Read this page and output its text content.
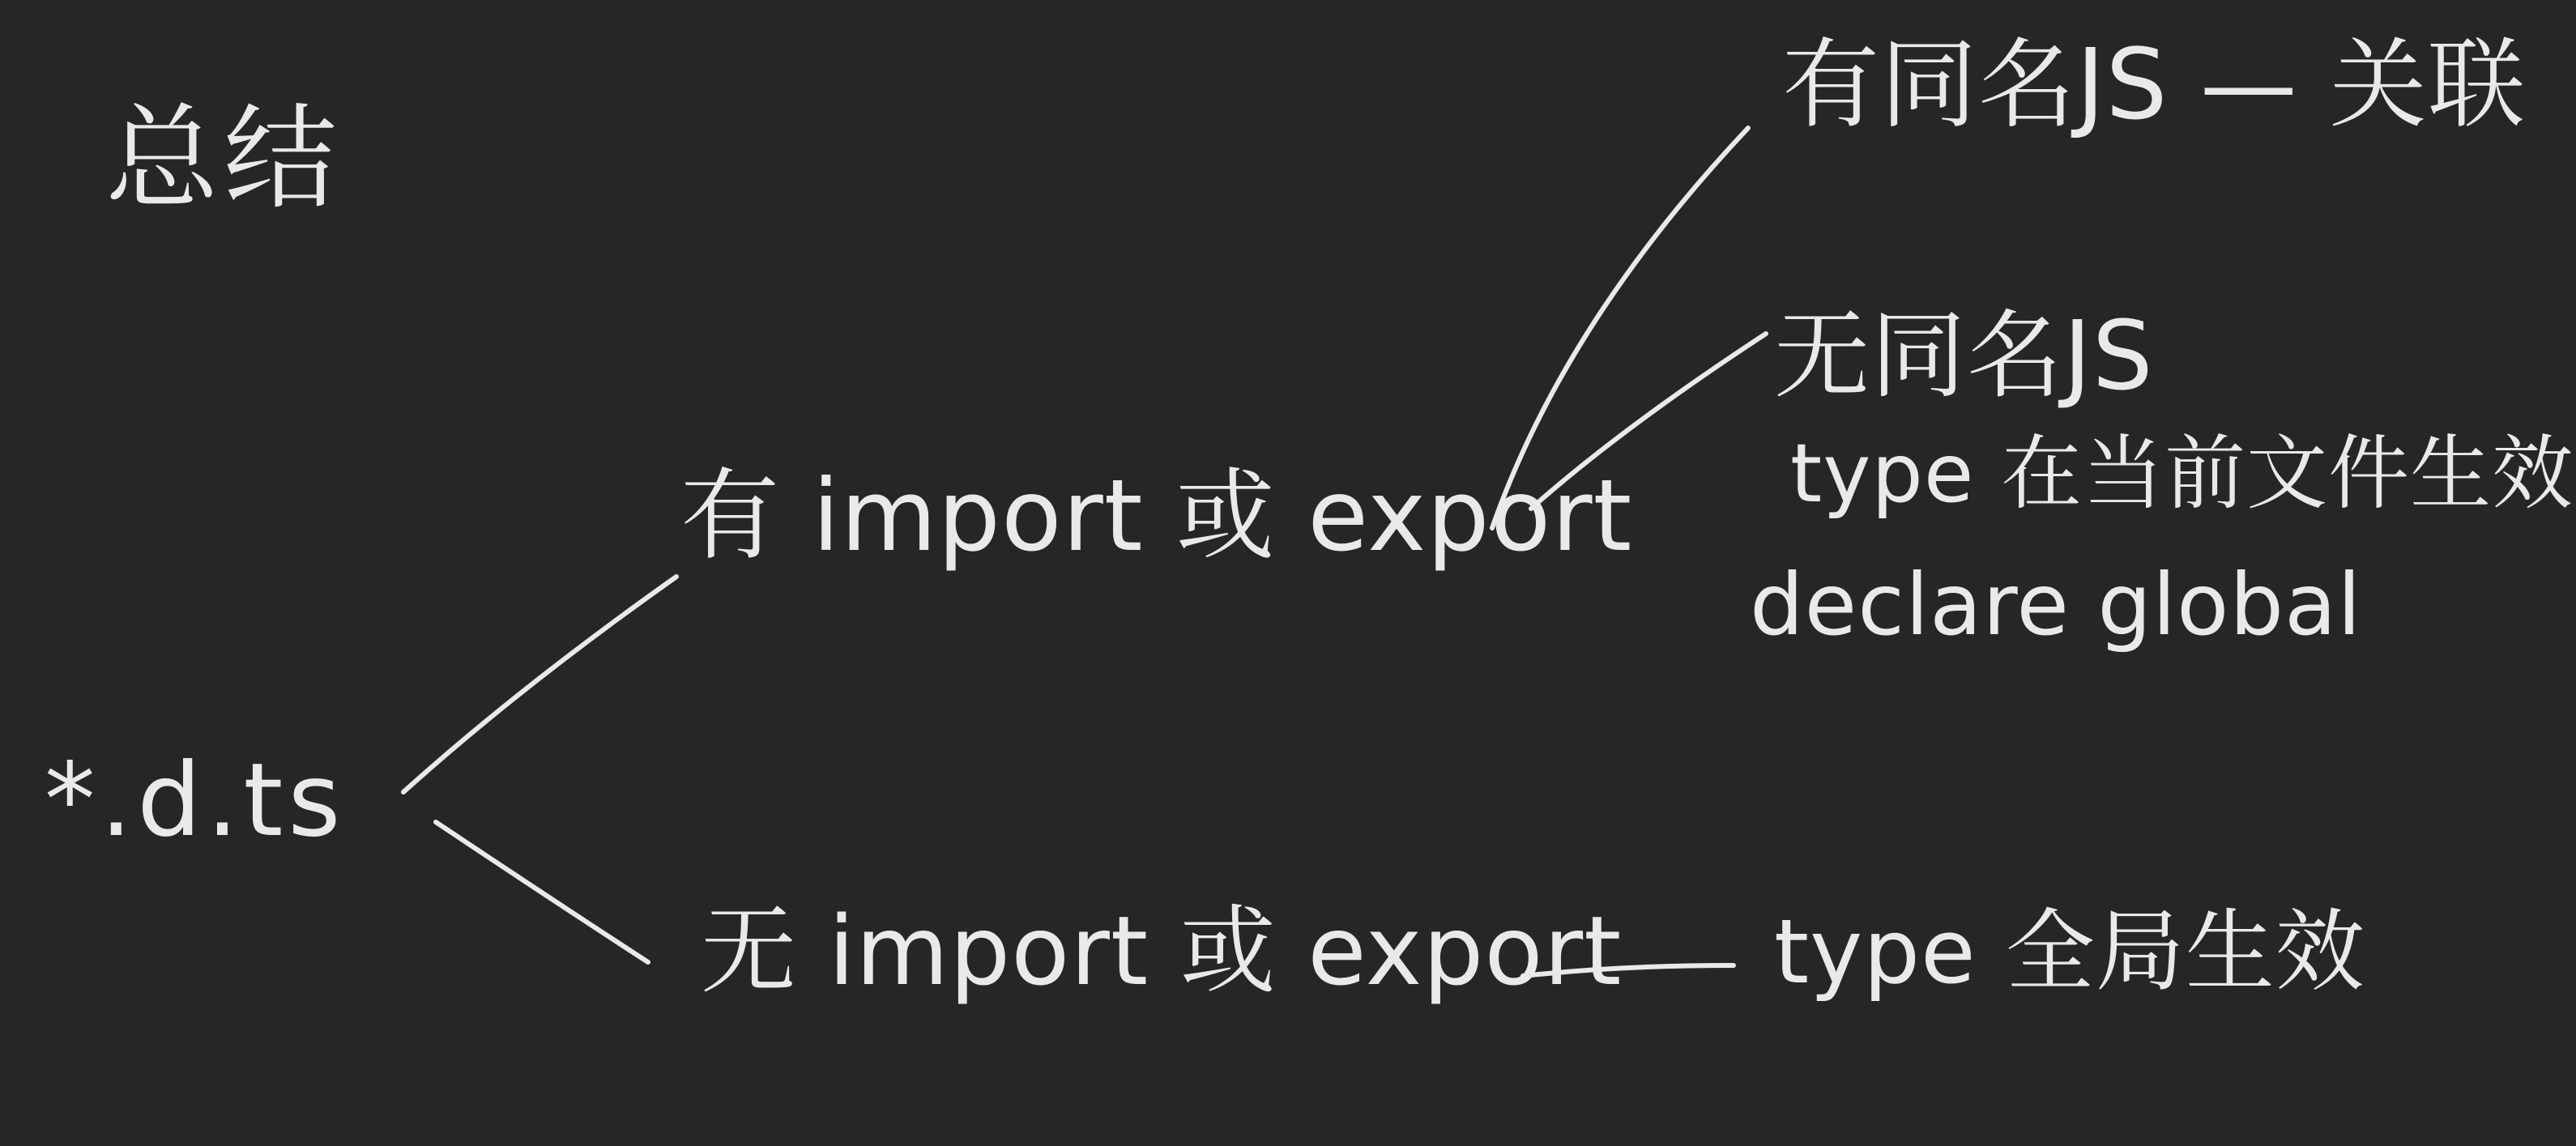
总结
*.d.ts
有 import 或 export
无 import 或 export
有同名JS — 关联
无同名JS
type 在当前文件生效
declare global
type 全局生效
